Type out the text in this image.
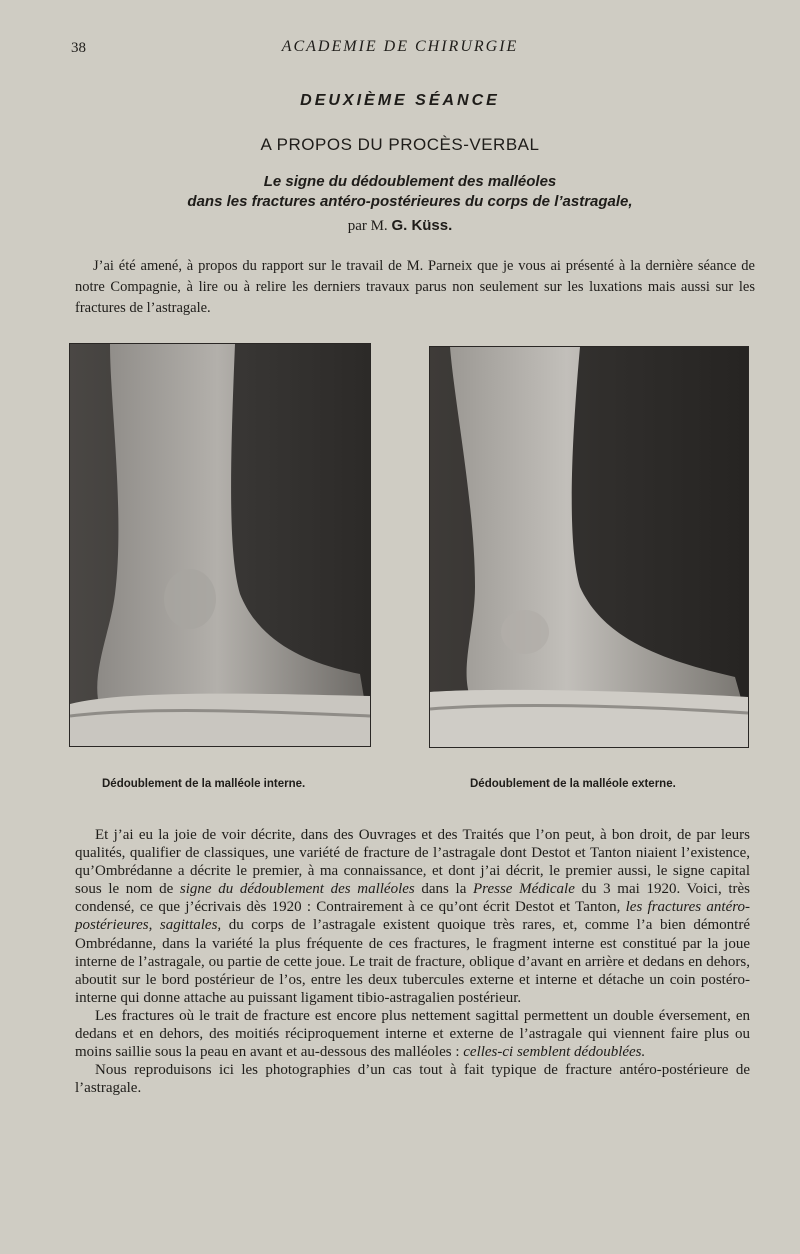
38	ACADEMIE DE CHIRURGIE
DEUXIÈME SÉANCE
A PROPOS DU PROCÈS-VERBAL
Le signe du dédoublement des malléoles
dans les fractures antéro-postérieures du corps de l’astragale,
par M. G. Küss.

J’ai été amené, à propos du rapport sur le travail de M. Parneix que je vous ai présenté à la dernière séance de notre Compagnie, à lire ou à relire les derniers travaux parus non seulement sur les luxations mais aussi sur les fractures de l’astragale.

Dédoublement de la malléole interne.	Dédoublement de la malléole externe.

Et j’ai eu la joie de voir décrite, dans des Ouvrages et des Traités que l’on peut, à bon droit, de par leurs qualités, qualifier de classiques, une variété de fracture de l’astragale dont Destot et Tanton niaient l’existence, qu’Ombrédanne a décrite le premier, à ma connaissance, et dont j’ai décrit, le premier aussi, le signe capital sous le nom de signe du dédoublement des malléoles dans la Presse Médicale du 3 mai 1920. Voici, très condensé, ce que j’écrivais dès 1920 : Contrairement à ce qu’ont écrit Destot et Tanton, les fractures antéro-postérieures, sagittales, du corps de l’astragale existent quoique très rares, et, comme l’a bien démontré Ombrédanne, dans la variété la plus fréquente de ces fractures, le fragment interne est constitué par la joue interne de l’astragale, ou partie de cette joue. Le trait de fracture, oblique d’avant en arrière et dedans en dehors, aboutit sur le bord postérieur de l’os, entre les deux tubercules externe et interne et détache un coin postéro-interne qui donne attache au puissant ligament tibio-astragalien postérieur.

Les fractures où le trait de fracture est encore plus nettement sagittal permettent un double éversement, en dedans et en dehors, des moitiés réciproquement interne et externe de l’astragale qui viennent faire plus ou moins saillie sous la peau en avant et au-dessous des malléoles : celles-ci semblent dédoublées.

Nous reproduisons ici les photographies d’un cas tout à fait typique de fracture antéro-postérieure de l’astragale.
